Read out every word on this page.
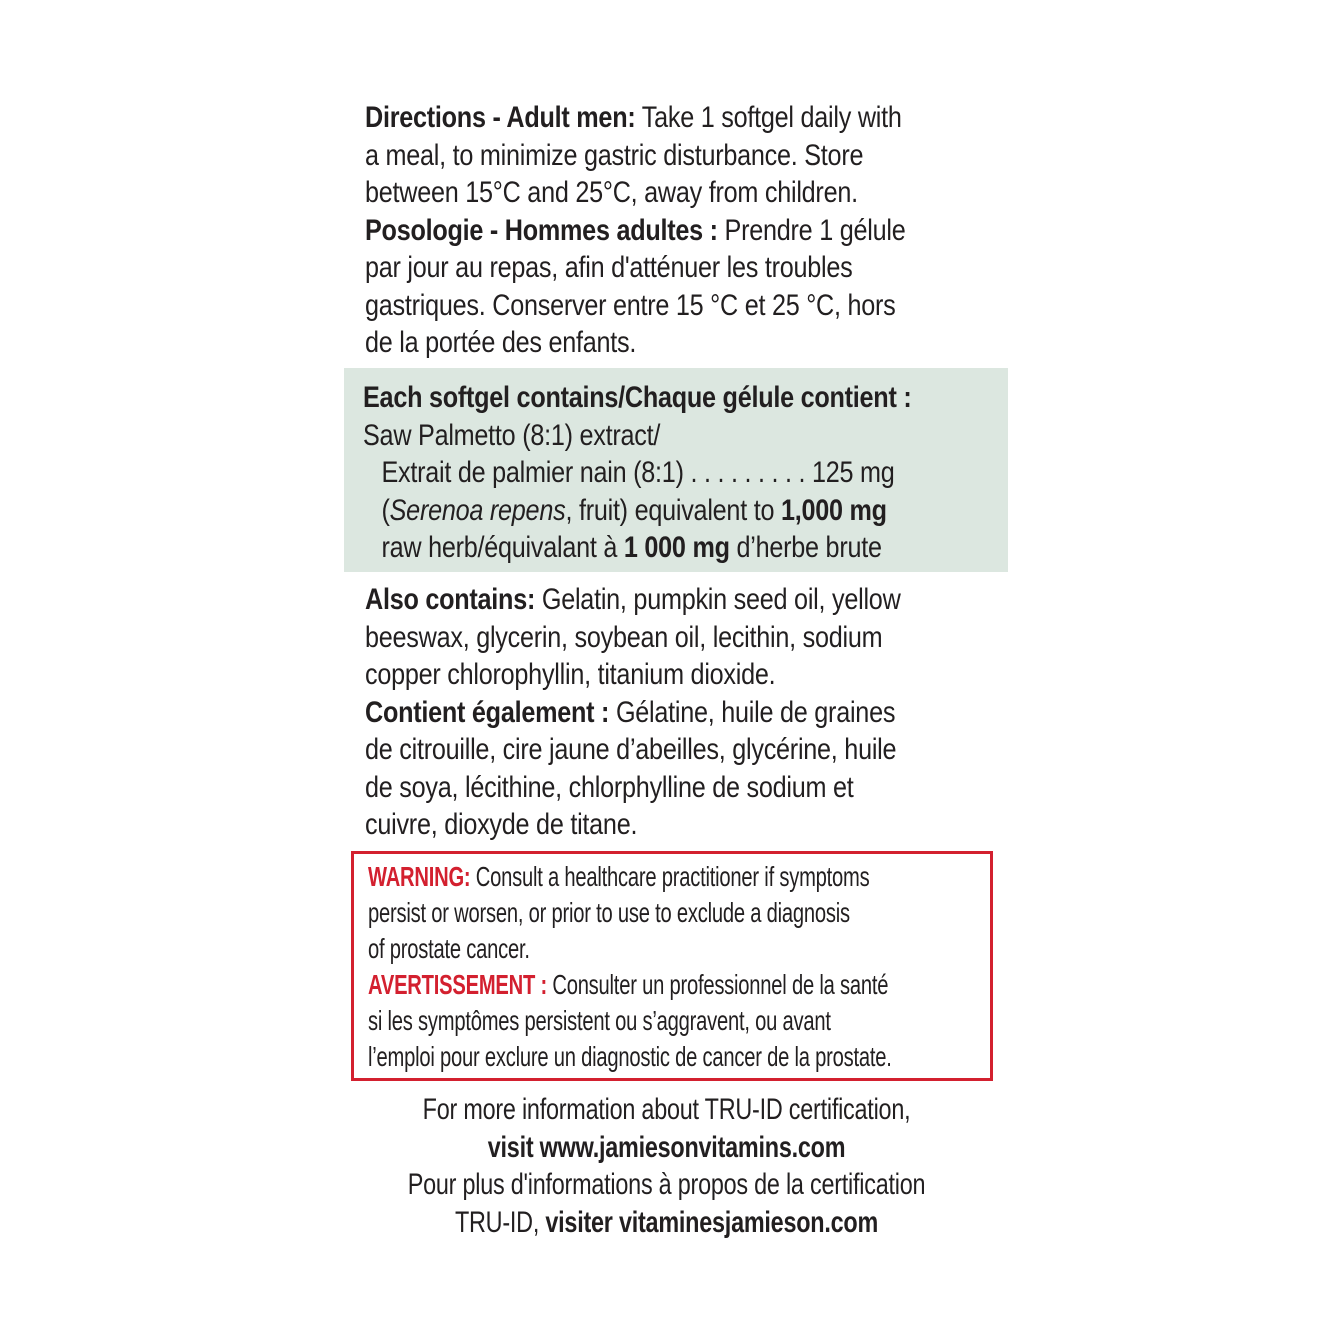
Directions - Adult men: Take 1 softgel daily with
a meal, to minimize gastric disturbance. Store
between 15°C and 25°C, away from children.
Posologie - Hommes adultes : Prendre 1 gélule
par jour au repas, afin d'atténuer les troubles
gastriques. Conserver entre 15 °C et 25 °C, hors
de la portée des enfants.
Each softgel contains/Chaque gélule contient :
Saw Palmetto (8:1) extract/
Extrait de palmier nain (8:1) . . . . . . . . . 125 mg
(Serenoa repens, fruit) equivalent to 1,000 mg
raw herb/équivalant à 1 000 mg d’herbe brute
Also contains: Gelatin, pumpkin seed oil, yellow
beeswax, glycerin, soybean oil, lecithin, sodium
copper chlorophyllin, titanium dioxide.
Contient également : Gélatine, huile de graines
de citrouille, cire jaune d’abeilles, glycérine, huile
de soya, lécithine, chlorphylline de sodium et
cuivre, dioxyde de titane.
WARNING: Consult a healthcare practitioner if symptoms
persist or worsen, or prior to use to exclude a diagnosis
of prostate cancer.
AVERTISSEMENT : Consulter un professionnel de la santé
si les symptômes persistent ou s’aggravent, ou avant
l’emploi pour exclure un diagnostic de cancer de la prostate.
For more information about TRU-ID certification,
visit www.jamiesonvitamins.com
Pour plus d'informations à propos de la certification
TRU-ID, visiter vitaminesjamieson.com
